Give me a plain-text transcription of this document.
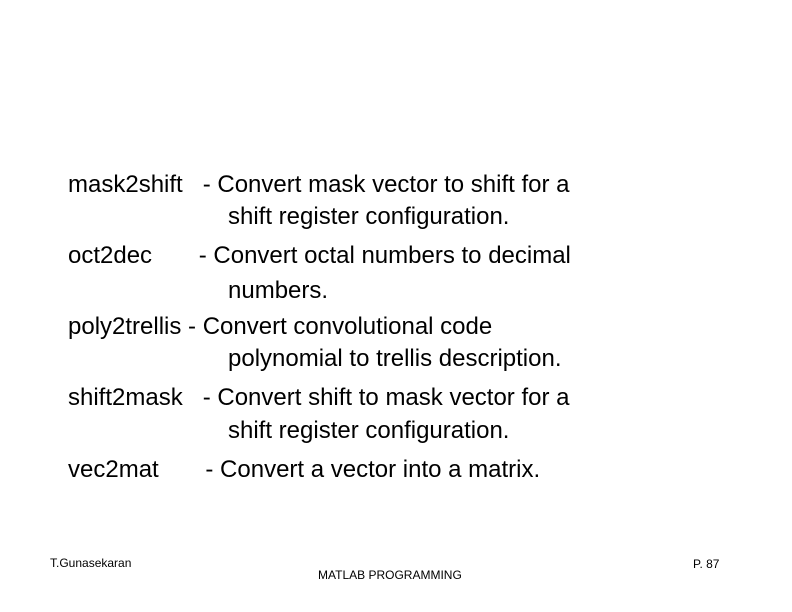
mask2shift   - Convert mask vector to shift for a
shift register configuration.
oct2dec       - Convert octal numbers to decimal
numbers.
poly2trellis - Convert convolutional code
polynomial to trellis description.
shift2mask   - Convert shift to mask vector for a
shift register configuration.
vec2mat       - Convert a vector into a matrix.
T.Gunasekaran
MATLAB PROGRAMMING
P. 87
